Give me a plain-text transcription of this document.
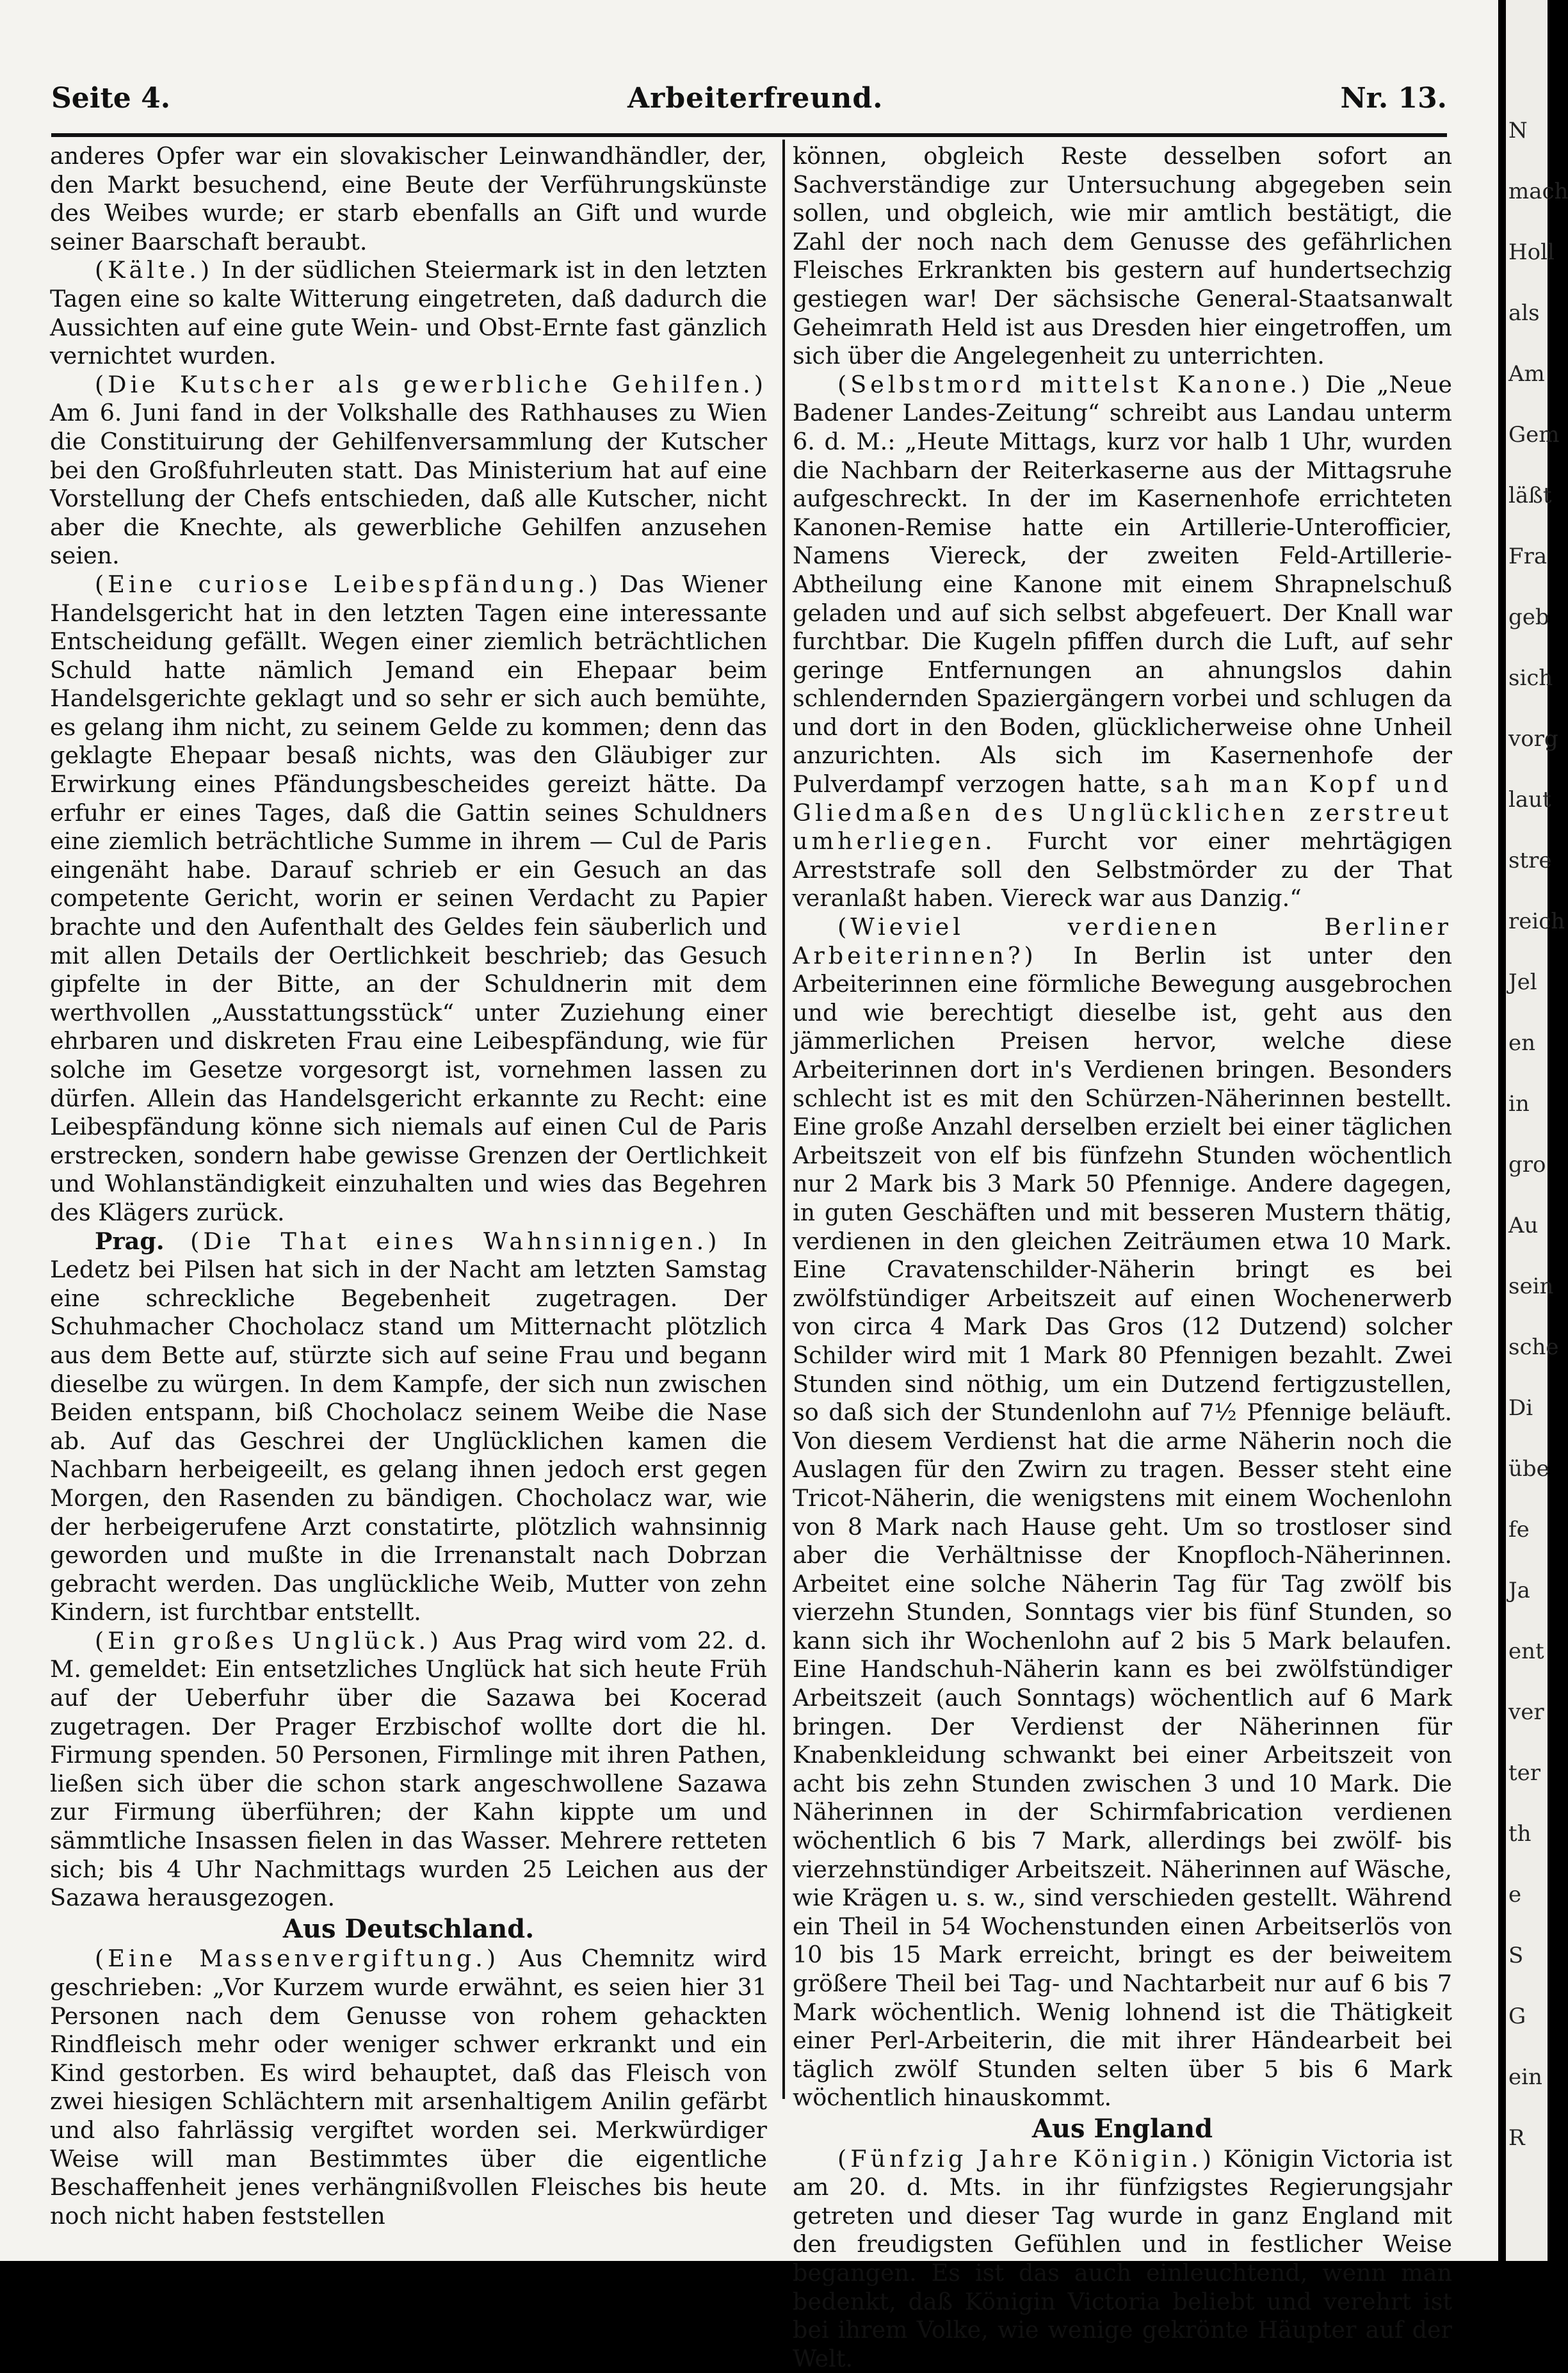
Seite 4.	Arbeiterfreund.	Nr. 13.

anderes Opfer war ein slovakischer Leinwandhändler, der, den Markt besuchend, eine Beute der Verführungskünste des Weibes wurde; er starb ebenfalls an Gift und wurde seiner Baarschaft beraubt.

(Kälte.) In der südlichen Steiermark ist in den letzten Tagen eine so kalte Witterung eingetreten, daß dadurch die Aussichten auf eine gute Wein- und Obst-Ernte fast gänzlich vernichtet wurden.

(Die Kutscher als gewerbliche Gehilfen.) Am 6. Juni fand in der Volkshalle des Rathhauses zu Wien die Constituirung der Gehilfenversammlung der Kutscher bei den Großfuhrleuten statt. Das Ministerium hat auf eine Vorstellung der Chefs entschieden, daß alle Kutscher, nicht aber die Knechte, als gewerbliche Gehilfen anzusehen seien.

(Eine curiose Leibespfändung.) Das Wiener Handelsgericht hat in den letzten Tagen eine interessante Entscheidung gefällt. Wegen einer ziemlich beträchtlichen Schuld hatte nämlich Jemand ein Ehepaar beim Handelsgerichte geklagt und so sehr er sich auch bemühte, es gelang ihm nicht, zu seinem Gelde zu kommen; denn das geklagte Ehepaar besaß nichts, was den Gläubiger zur Erwirkung eines Pfändungsbescheides gereizt hätte. Da erfuhr er eines Tages, daß die Gattin seines Schuldners eine ziemlich beträchtliche Summe in ihrem — Cul de Paris eingenäht habe. Darauf schrieb er ein Gesuch an das competente Gericht, worin er seinen Verdacht zu Papier brachte und den Aufenthalt des Geldes fein säuberlich und mit allen Details der Oertlichkeit beschrieb; das Gesuch gipfelte in der Bitte, an der Schuldnerin mit dem werthvollen „Ausstattungsstück“ unter Zuziehung einer ehrbaren und diskreten Frau eine Leibespfändung, wie für solche im Gesetze vorgesorgt ist, vornehmen lassen zu dürfen. Allein das Handelsgericht erkannte zu Recht: eine Leibespfändung könne sich niemals auf einen Cul de Paris erstrecken, sondern habe gewisse Grenzen der Oertlichkeit und Wohlanständigkeit einzuhalten und wies das Begehren des Klägers zurück.

Prag. (Die That eines Wahnsinnigen.) In Ledetz bei Pilsen hat sich in der Nacht am letzten Samstag eine schreckliche Begebenheit zugetragen. Der Schuhmacher Chocholacz stand um Mitternacht plötzlich aus dem Bette auf, stürzte sich auf seine Frau und begann dieselbe zu würgen. In dem Kampfe, der sich nun zwischen Beiden entspann, biß Chocholacz seinem Weibe die Nase ab. Auf das Geschrei der Unglücklichen kamen die Nachbarn herbeigeeilt, es gelang ihnen jedoch erst gegen Morgen, den Rasenden zu bändigen. Chocholacz war, wie der herbeigerufene Arzt constatirte, plötzlich wahnsinnig geworden und mußte in die Irrenanstalt nach Dobrzan gebracht werden. Das unglückliche Weib, Mutter von zehn Kindern, ist furchtbar entstellt.

(Ein großes Unglück.) Aus Prag wird vom 22. d. M. gemeldet: Ein entsetzliches Unglück hat sich heute Früh auf der Ueberfuhr über die Sazawa bei Kocerad zugetragen. Der Prager Erzbischof wollte dort die hl. Firmung spenden. 50 Personen, Firmlinge mit ihren Pathen, ließen sich über die schon stark angeschwollene Sazawa zur Firmung überführen; der Kahn kippte um und sämmtliche Insassen fielen in das Wasser. Mehrere retteten sich; bis 4 Uhr Nachmittags wurden 25 Leichen aus der Sazawa herausgezogen.

Aus Deutschland.

(Eine Massenvergiftung.) Aus Chemnitz wird geschrieben: „Vor Kurzem wurde erwähnt, es seien hier 31 Personen nach dem Genusse von rohem gehackten Rindfleisch mehr oder weniger schwer erkrankt und ein Kind gestorben. Es wird behauptet, daß das Fleisch von zwei hiesigen Schlächtern mit arsenhaltigem Anilin gefärbt und also fahrlässig vergiftet worden sei. Merkwürdiger Weise will man Bestimmtes über die eigentliche Beschaffenheit jenes verhängnißvollen Fleisches bis heute noch nicht haben feststellen

können, obgleich Reste desselben sofort an Sachverständige zur Untersuchung abgegeben sein sollen, und obgleich, wie mir amtlich bestätigt, die Zahl der noch nach dem Genusse des gefährlichen Fleisches Erkrankten bis gestern auf hundertsechzig gestiegen war! Der sächsische General-Staatsanwalt Geheimrath Held ist aus Dresden hier eingetroffen, um sich über die Angelegenheit zu unterrichten.

(Selbstmord mittelst Kanone.) Die „Neue Badener Landes-Zeitung“ schreibt aus Landau unterm 6. d. M.: „Heute Mittags, kurz vor halb 1 Uhr, wurden die Nachbarn der Reiterkaserne aus der Mittagsruhe aufgeschreckt. In der im Kasernenhofe errichteten Kanonen-Remise hatte ein Artillerie-Unterofficier, Namens Viereck, der zweiten Feld-Artillerie-Abtheilung eine Kanone mit einem Shrapnelschuß geladen und auf sich selbst abgefeuert. Der Knall war furchtbar. Die Kugeln pfiffen durch die Luft, auf sehr geringe Entfernungen an ahnungslos dahin schlendernden Spaziergängern vorbei und schlugen da und dort in den Boden, glücklicherweise ohne Unheil anzurichten. Als sich im Kasernenhofe der Pulverdampf verzogen hatte, sah man Kopf und Gliedmaßen des Unglücklichen zerstreut umherliegen. Furcht vor einer mehrtägigen Arreststrafe soll den Selbstmörder zu der That veranlaßt haben. Viereck war aus Danzig.“

(Wieviel verdienen Berliner Arbeiterinnen?) In Berlin ist unter den Arbeiterinnen eine förmliche Bewegung ausgebrochen und wie berechtigt dieselbe ist, geht aus den jämmerlichen Preisen hervor, welche diese Arbeiterinnen dort in's Verdienen bringen. Besonders schlecht ist es mit den Schürzen-Näherinnen bestellt. Eine große Anzahl derselben erzielt bei einer täglichen Arbeitszeit von elf bis fünfzehn Stunden wöchentlich nur 2 Mark bis 3 Mark 50 Pfennige. Andere dagegen, in guten Geschäften und mit besseren Mustern thätig, verdienen in den gleichen Zeiträumen etwa 10 Mark. Eine Cravatenschilder-Näherin bringt es bei zwölfstündiger Arbeitszeit auf einen Wochenerwerb von circa 4 Mark Das Gros (12 Dutzend) solcher Schilder wird mit 1 Mark 80 Pfennigen bezahlt. Zwei Stunden sind nöthig, um ein Dutzend fertigzustellen, so daß sich der Stundenlohn auf 7½ Pfennige beläuft. Von diesem Verdienst hat die arme Näherin noch die Auslagen für den Zwirn zu tragen. Besser steht eine Tricot-Näherin, die wenigstens mit einem Wochenlohn von 8 Mark nach Hause geht. Um so trostloser sind aber die Verhältnisse der Knopfloch-Näherinnen. Arbeitet eine solche Näherin Tag für Tag zwölf bis vierzehn Stunden, Sonntags vier bis fünf Stunden, so kann sich ihr Wochenlohn auf 2 bis 5 Mark belaufen. Eine Handschuh-Näherin kann es bei zwölfstündiger Arbeitszeit (auch Sonntags) wöchentlich auf 6 Mark bringen. Der Verdienst der Näherinnen für Knabenkleidung schwankt bei einer Arbeitszeit von acht bis zehn Stunden zwischen 3 und 10 Mark. Die Näherinnen in der Schirmfabrication verdienen wöchentlich 6 bis 7 Mark, allerdings bei zwölf- bis vierzehnstündiger Arbeitszeit. Näherinnen auf Wäsche, wie Krägen u. s. w., sind verschieden gestellt. Während ein Theil in 54 Wochenstunden einen Arbeitserlös von 10 bis 15 Mark erreicht, bringt es der beiweitem größere Theil bei Tag- und Nachtarbeit nur auf 6 bis 7 Mark wöchentlich. Wenig lohnend ist die Thätigkeit einer Perl-Arbeiterin, die mit ihrer Händearbeit bei täglich zwölf Stunden selten über 5 bis 6 Mark wöchentlich hinauskommt.

Aus England

(Fünfzig Jahre Königin.) Königin Victoria ist am 20. d. Mts. in ihr fünfzigstes Regierungsjahr getreten und dieser Tag wurde in ganz England mit den freudigsten Gefühlen und in festlicher Weise begangen. Es ist das auch einleuchtend, wenn man bedenkt, daß Königin Victoria beliebt und verehrt ist bei ihrem Volke, wie wenige gekrönte Häupter auf der Welt.

N
mach
Holl
als
Am
Gem
läßt
Fra
geb
sich
vorg
laut
stre
reich
Jel
en
in
gro
Au
sein
sche
Di
übe
fe
Ja
ent
ver
ter
th
e
S
G
ein
R
